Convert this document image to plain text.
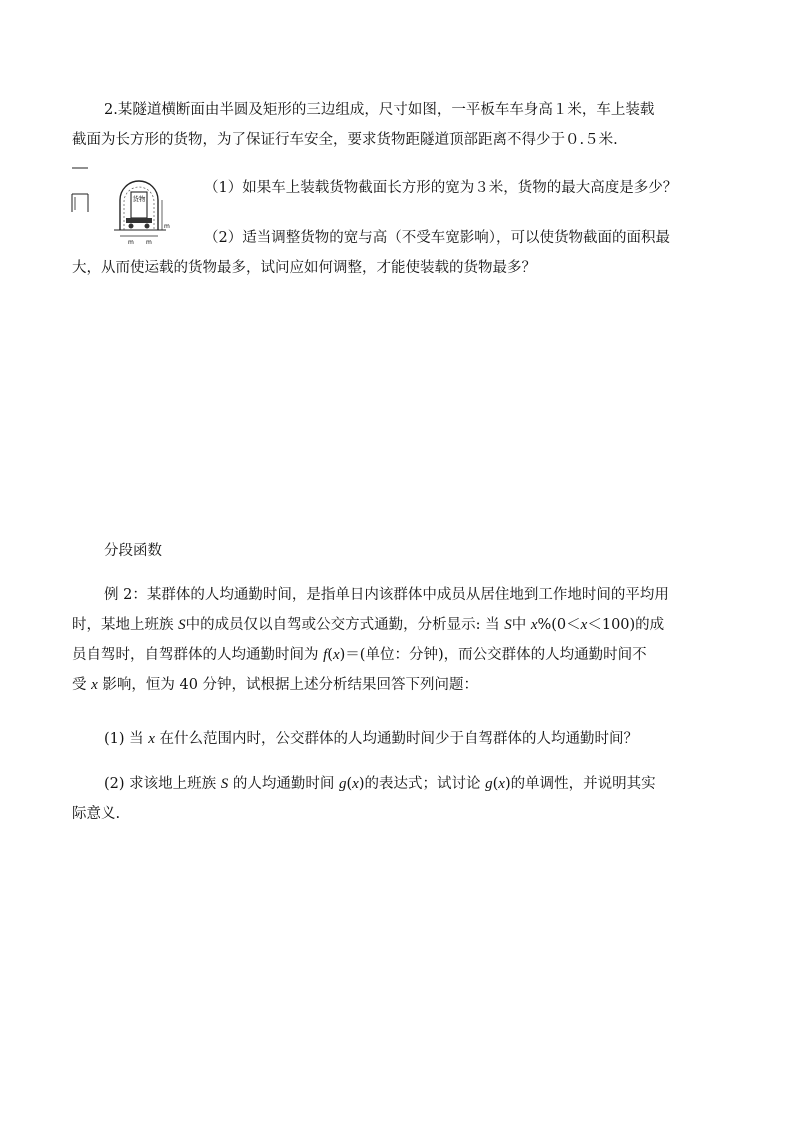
2.某隧道横断面由半圆及矩形的三边组成，尺寸如图，一平板车车身高１米，车上装载
截面为长方形的货物，为了保证行车安全，要求货物距隧道顶部距离不得少于０.５米.
货物
m m
m
（1）如果车上装载货物截面长方形的宽为３米，货物的最大高度是多少？
（2）适当调整货物的宽与高（不受车宽影响），可以使货物截面的面积最
大，从而使运载的货物最多，试问应如何调整，才能使装载的货物最多？
分段函数
例 2：某群体的人均通勤时间，是指单日内该群体中成员从居住地到工作地时间的平均用
时，某地上班族 S中的成员仅以自驾或公交方式通勤，分析显示: 当 S中 x%(0＜x＜100)的成
员自驾时，自驾群体的人均通勤时间为 f(x)＝(单位：分钟)，而公交群体的人均通勤时间不
受 x 影响，恒为 40 分钟，试根据上述分析结果回答下列问题：
(1) 当 x 在什么范围内时，公交群体的人均通勤时间少于自驾群体的人均通勤时间？
(2) 求该地上班族 S 的人均通勤时间 g(x)的表达式；试讨论 g(x)的单调性，并说明其实
际意义.
